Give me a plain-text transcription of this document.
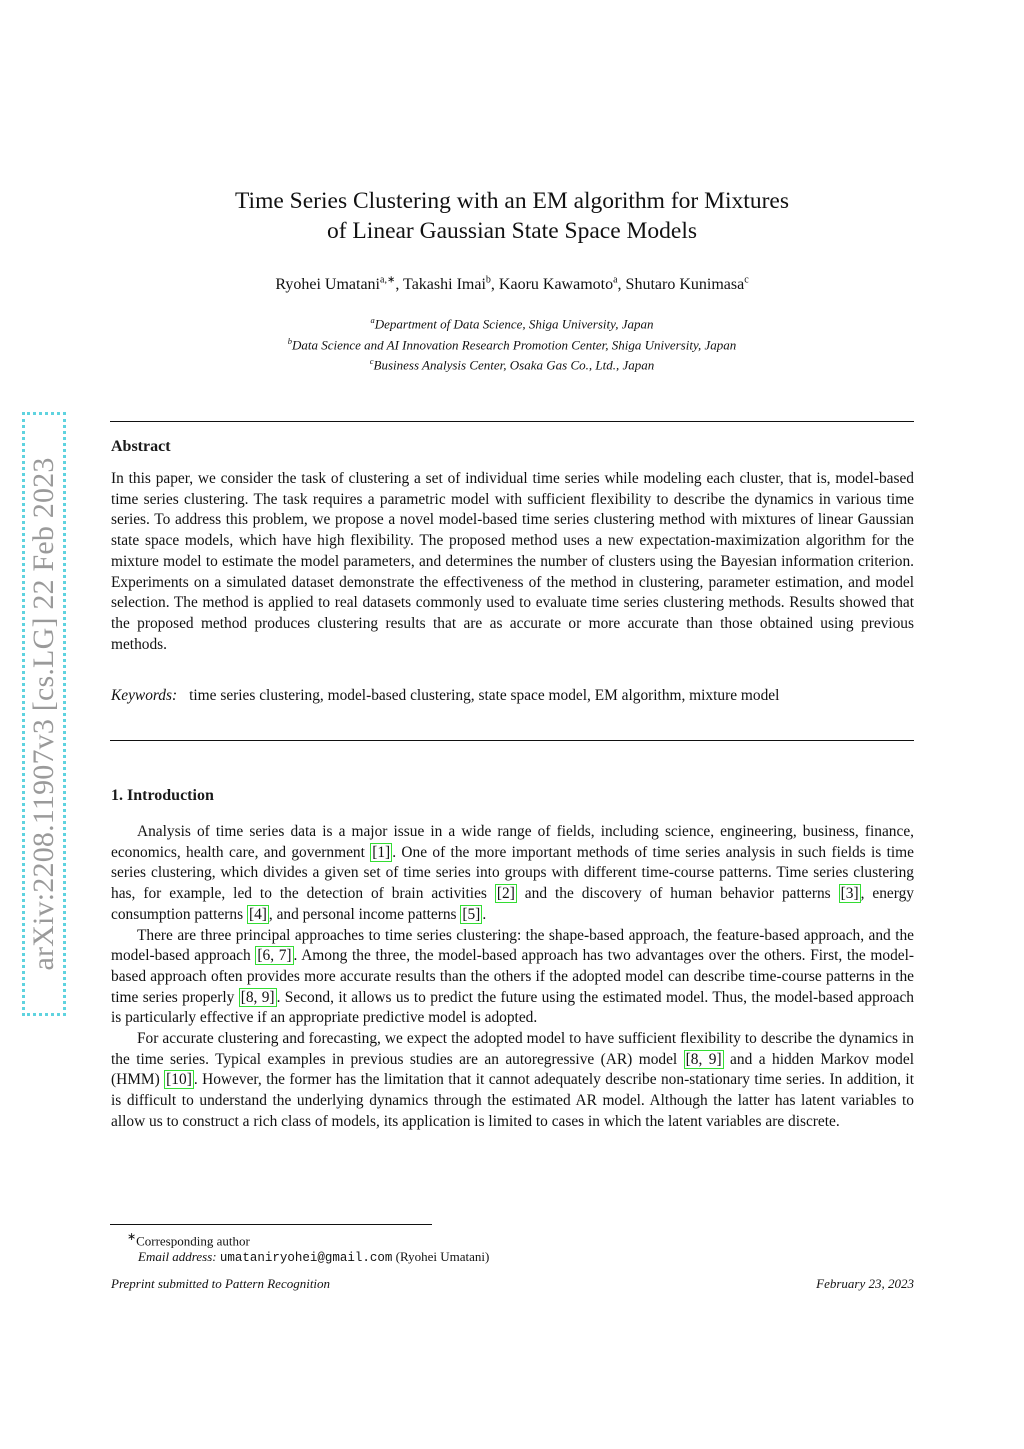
arXiv:2208.11907v3 [cs.LG] 22 Feb 2023
Time Series Clustering with an EM algorithm for Mixtures
of Linear Gaussian State Space Models
Ryohei Umatani$^{a,∗}$, Takashi Imai$^b$, Kaoru Kawamoto$^a$, Shutaro Kunimasa$^c$
$^a$Department of Data Science, Shiga University, Japan
$^b$Data Science and AI Innovation Research Promotion Center, Shiga University, Japan
$^c$Business Analysis Center, Osaka Gas Co., Ltd., Japan
Abstract
In this paper, we consider the task of clustering a set of individual time series while modeling each cluster, that is, model-based time series clustering. The task requires a parametric model with sufficient flexibility to describe the dynamics in various time series. To address this problem, we propose a novel model-based time series clustering method with mixtures of linear Gaussian state space models, which have high flexibility. The proposed method uses a new expectation-maximization algorithm for the mixture model to estimate the model parameters, and determines the number of clusters using the Bayesian information criterion. Experiments on a simulated dataset demonstrate the effectiveness of the method in clustering, parameter estimation, and model selection. The method is applied to real datasets commonly used to evaluate time series clustering methods. Results showed that the proposed method produces clustering results that are as accurate or more accurate than those obtained using previous methods.
Keywords: time series clustering, model-based clustering, state space model, EM algorithm, mixture model
1. Introduction

Analysis of time series data is a major issue in a wide range of fields, including science, engineering, business, finance, economics, health care, and government [1] . One of the more important methods of time series analysis in such fields is time series clustering, which divides a given set of time series into groups with different time-course patterns. Time series clustering has, for example, led to the detection of brain activities [2] and the discovery of human behavior patterns [3] , energy consumption patterns [4] , and personal income patterns [5] .

There are three principal approaches to time series clustering: the shape-based approach, the feature-based approach, and the model-based approach [6, 7] . Among the three, the model-based approach has two advantages over the others. First, the model-based approach often provides more accurate results than the others if the adopted model can describe time-course patterns in the time series properly [8, 9] . Second, it allows us to predict the future using the estimated model. Thus, the model-based approach is particularly effective if an appropriate predictive model is adopted.

For accurate clustering and forecasting, we expect the adopted model to have sufficient flexibility to describe the dynamics in the time series. Typical examples in previous studies are an autoregressive (AR) model [8, 9] and a hidden Markov model (HMM) [10] . However, the former has the limitation that it cannot adequately describe non-stationary time series. In addition, it is difficult to understand the underlying dynamics through the estimated AR model. Although the latter has latent variables to allow us to construct a rich class of models, its application is limited to cases in which the latent variables are discrete.

∗Corresponding author
Email address: umataniryohei@gmail.com (Ryohei Umatani)
Preprint submitted to Pattern Recognition	February 23, 2023
